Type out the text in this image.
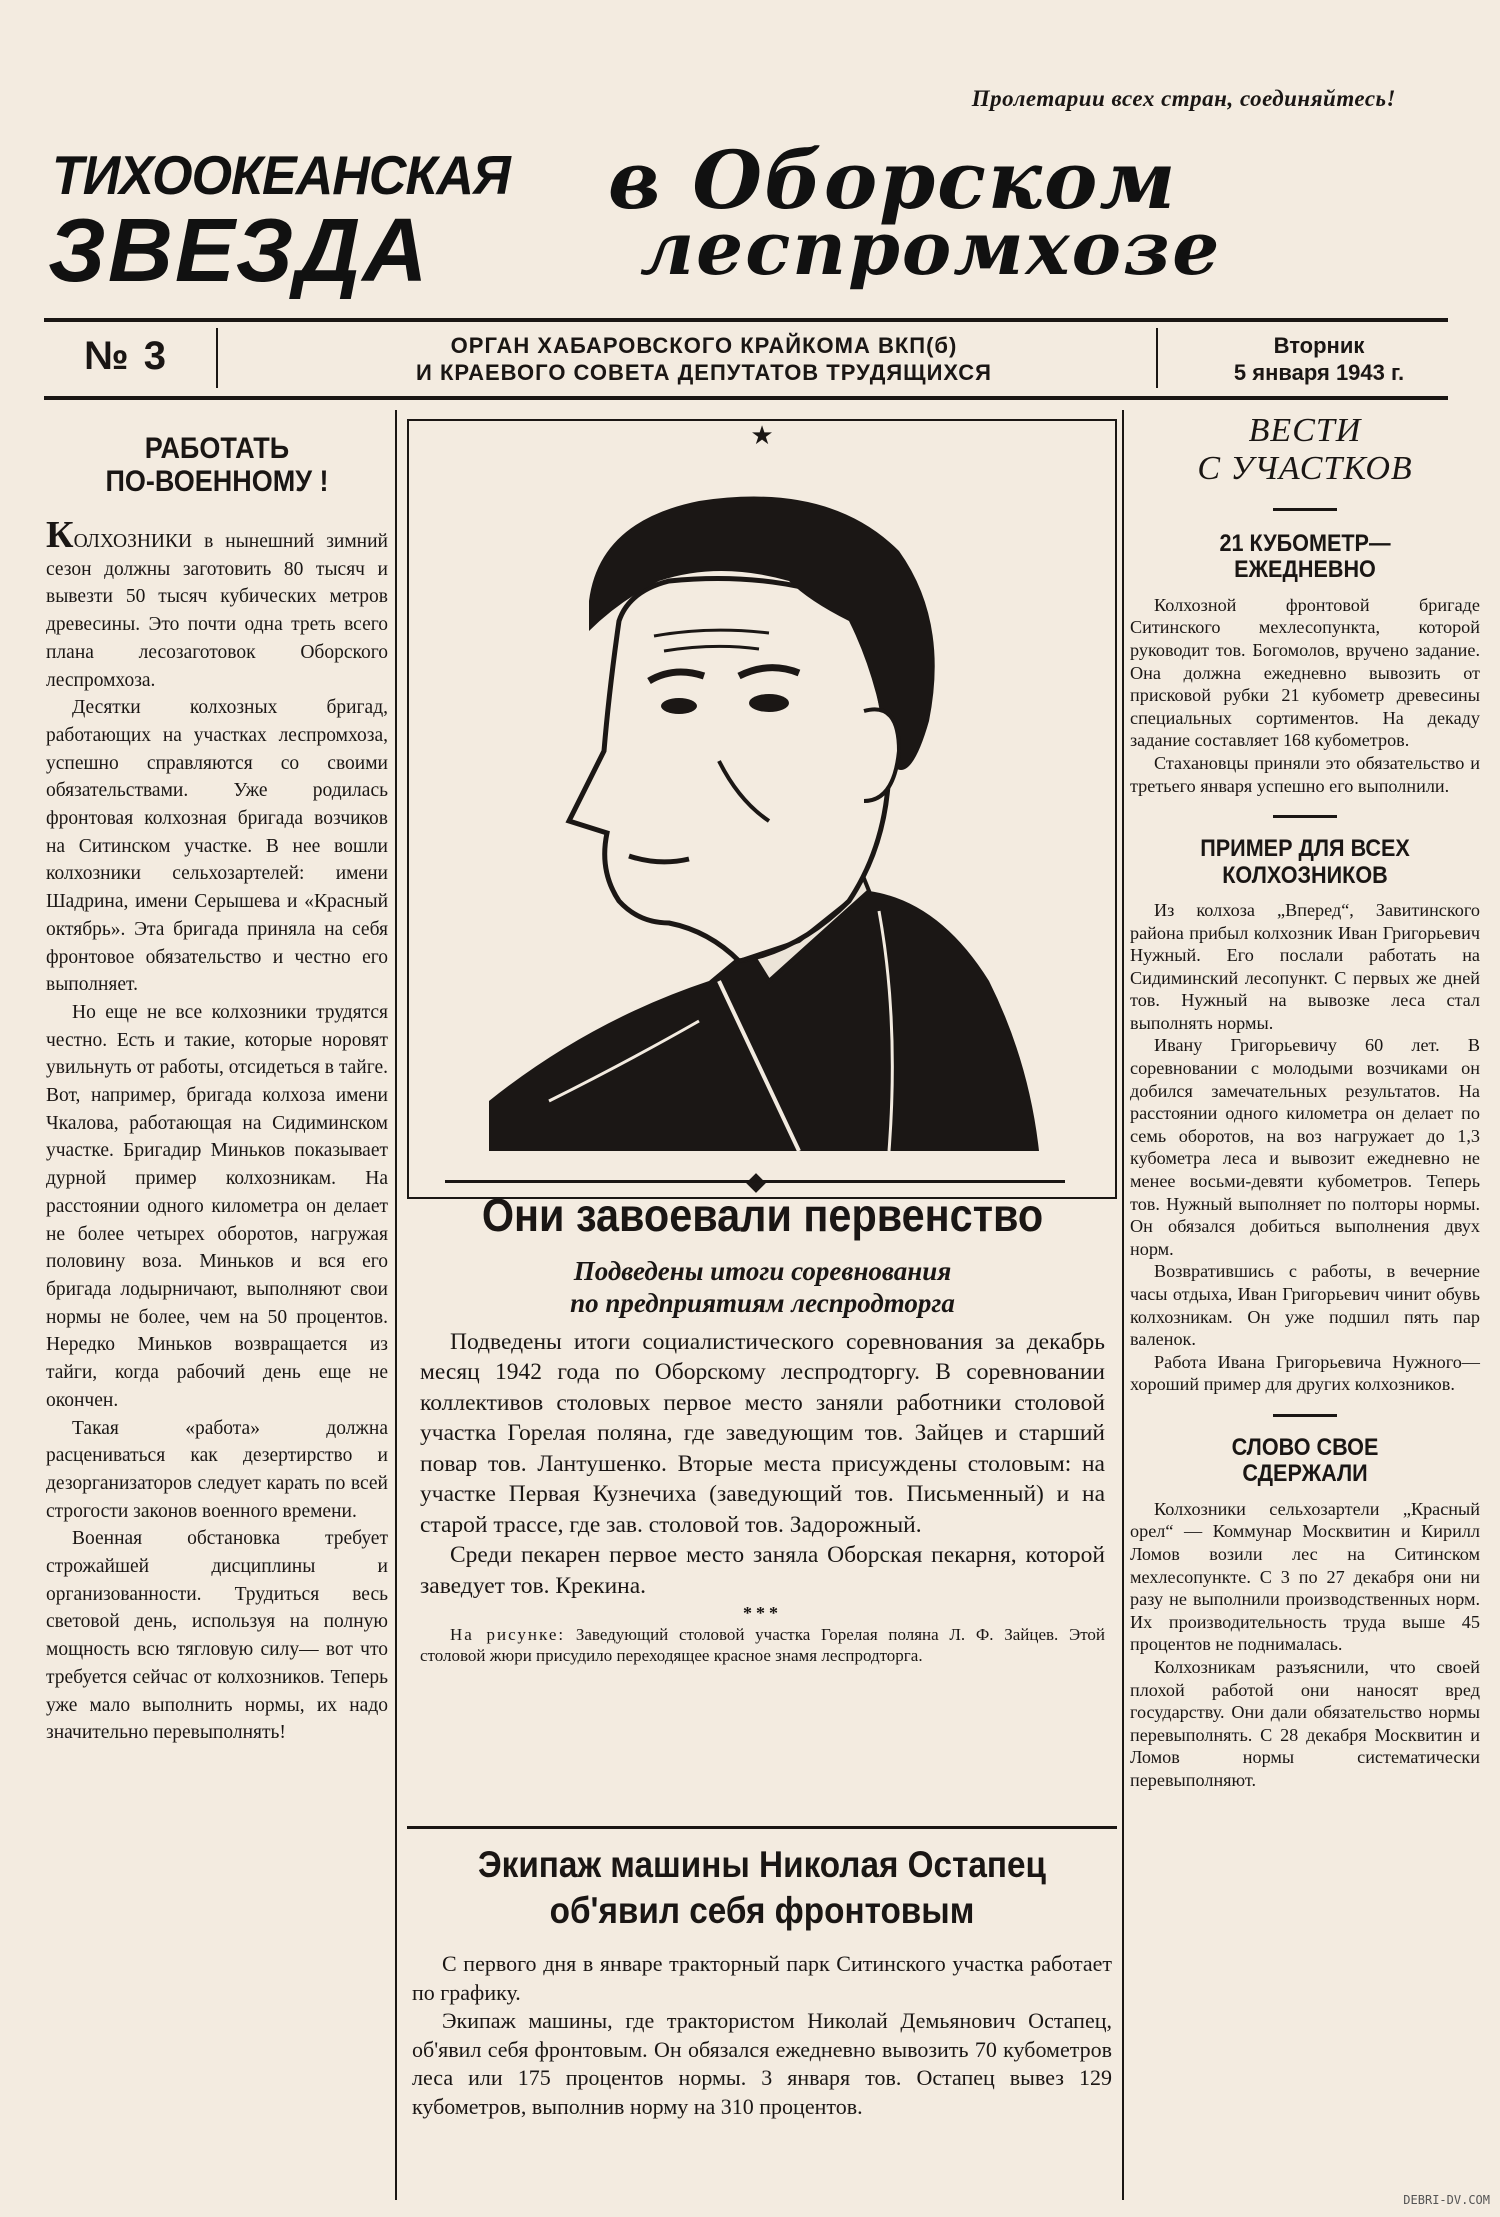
Пролетарии всех стран, соединяйтесь!
ТИХООКЕАНСКАЯ
ЗВЕЗДА
в Оборском
леспромхозе
№ 3	ОРГАН ХАБАРОВСКОГО КРАЙКОМА ВКП(б)
И КРАЕВОГО СОВЕТА ДЕПУТАТОВ ТРУДЯЩИХСЯ
Вторник
5 января 1943 г.
РАБОТАТЬ
ПО-ВОЕННОМУ !

КОЛХОЗНИКИ в нынешний зимний сезон должны заготовить 80 тысяч и вывезти 50 тысяч кубических метров древесины. Это почти одна треть всего плана лесозаготовок Оборского леспромхоза.

Десятки колхозных бригад, работающих на участках леспромхоза, успешно справляются со своими обязательствами. Уже родилась фронтовая колхозная бригада возчиков на Ситинском участке. В нее вошли колхозники сельхозартелей: имени Шадрина, имени Серышева и «Красный октябрь». Эта бригада приняла на себя фронтовое обязательство и честно его выполняет.

Но еще не все колхозники трудятся честно. Есть и такие, которые норовят увильнуть от работы, отсидеться в тайге. Вот, например, бригада колхоза имени Чкалова, работающая на Сидиминском участке. Бригадир Миньков показывает дурной пример колхозникам. На расстоянии одного километра он делает не более четырех оборотов, нагружая половину воза. Миньков и вся его бригада лодырничают, выполняют свои нормы не более, чем на 50 процентов. Нередко Миньков возвращается из тайги, когда рабочий день еще не окончен.

Такая «работа» должна расцениваться как дезертирство и дезорганизаторов следует карать по всей строгости законов военного времени.

Военная обстановка требует строжайшей дисциплины и организованности. Трудиться весь световой день, используя на полную мощность всю тягловую силу— вот что требуется сейчас от колхозников. Теперь уже мало выполнить нормы, их надо значительно перевыполнять!

★
Они завоевали первенство
Подведены итоги соревнования
по предприятиям леспродторга

Подведены итоги социалистического соревнования за декабрь месяц 1942 года по Оборскому леспродторгу. В соревновании коллективов столовых первое место заняли работники столовой участка Горелая поляна, где заведующим тов. Зайцев и старший повар тов. Лантушенко. Вторые места присуждены столовым: на участке Первая Кузнечиха (заведующий тов. Письменный) и на старой трассе, где зав. столовой тов. Задорожный.

Среди пекарен первое место заняла Оборская пекарня, которой заведует тов. Крекина.

***
На рисунке: Заведующий столовой участка Горелая поляна Л. Ф. Зайцев. Этой столовой жюри присудило переходящее красное знамя леспродторга.
Экипаж машины Николая Остапец
об'явил себя фронтовым

С первого дня в январе тракторный парк Ситинского участка работает по графику.

Экипаж машины, где трактористом Николай Демьянович Остапец, об'явил себя фронтовым. Он обязался ежедневно вывозить 70 кубометров леса или 175 процентов нормы. 3 января тов. Остапец вывез 129 кубометров, выполнив норму на 310 процентов.

ВЕСТИ
С УЧАСТКОВ
21 КУБОМЕТР—
ЕЖЕДНЕВНО

Колхозной фронтовой бригаде Ситинского мехлесопункта, которой руководит тов. Богомолов, вручено задание. Она должна ежедневно вывозить от присковой рубки 21 кубометр древесины специальных сортиментов. На декаду задание составляет 168 кубометров.

Стахановцы приняли это обязательство и третьего января успешно его выполнили.

ПРИМЕР ДЛЯ ВСЕХ
КОЛХОЗНИКОВ

Из колхоза „Вперед“, Завитинского района прибыл колхозник Иван Григорьевич Нужный. Его послали работать на Сидиминский лесопункт. С первых же дней тов. Нужный на вывозке леса стал выполнять нормы.

Ивану Григорьевичу 60 лет. В соревновании с молодыми возчиками он добился замечательных результатов. На расстоянии одного километра он делает по семь оборотов, на воз нагружает до 1,3 кубометра леса и вывозит ежедневно не менее восьми-девяти кубометров. Теперь тов. Нужный выполняет по полторы нормы. Он обязался добиться выполнения двух норм.

Возвратившись с работы, в вечерние часы отдыха, Иван Григорьевич чинит обувь колхозникам. Он уже подшил пять пар валенок.

Работа Ивана Григорьевича Нужного—хороший пример для других колхозников.

СЛОВО СВОЕ
СДЕРЖАЛИ

Колхозники сельхозартели „Красный орел“ — Коммунар Москвитин и Кирилл Ломов возили лес на Ситинском мехлесопункте. С 3 по 27 декабря они ни разу не выполнили производственных норм. Их производительность труда выше 45 процентов не поднималась.

Колхозникам разъяснили, что своей плохой работой они наносят вред государству. Они дали обязательство нормы перевыполнять. С 28 декабря Москвитин и Ломов нормы систематически перевыполняют.

DEBRI-DV.COM
